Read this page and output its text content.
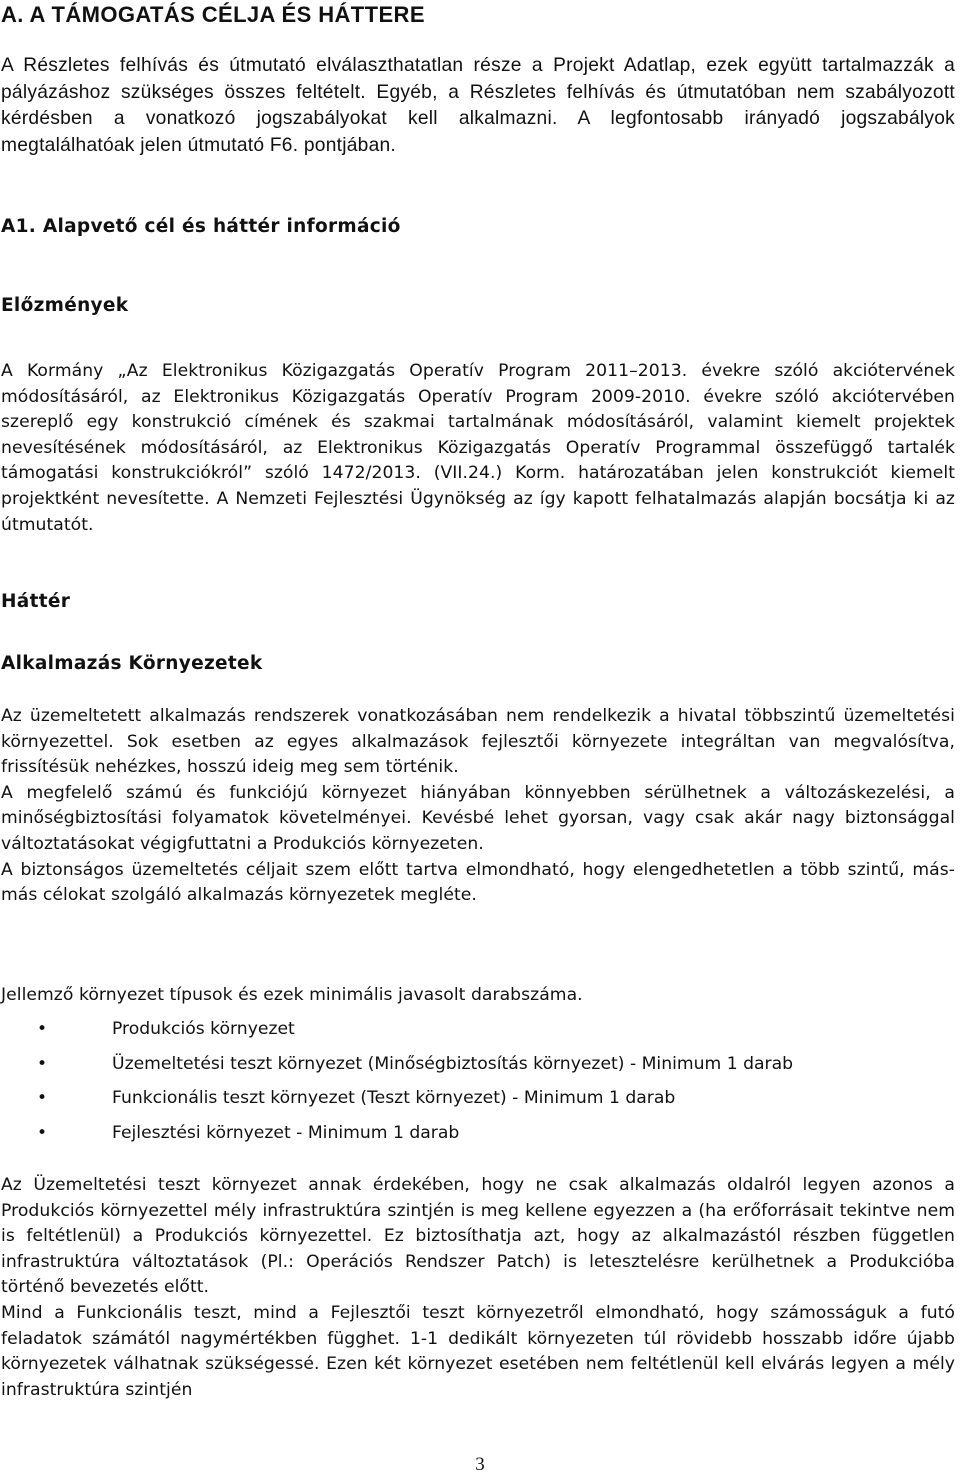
A. A TÁMOGATÁS CÉLJA ÉS HÁTTERE

A Részletes felhívás és útmutató elválaszthatatlan része a Projekt Adatlap, ezek együtt tartalmazzák a pályázáshoz szükséges összes feltételt. Egyéb, a Részletes felhívás és útmutatóban nem szabályozott kérdésben a vonatkozó jogszabályokat kell alkalmazni. A legfontosabb irányadó jogszabályok megtalálhatóak jelen útmutató F6. pontjában.

A1. Alapvető cél és háttér információ
Előzmények

A Kormány „Az Elektronikus Közigazgatás Operatív Program 2011–2013. évekre szóló akciótervének módosításáról, az Elektronikus Közigazgatás Operatív Program 2009-2010. évekre szóló akciótervében szereplő egy konstrukció címének és szakmai tartalmának módosításáról, valamint kiemelt projektek nevesítésének módosításáról, az Elektronikus Közigazgatás Operatív Programmal összefüggő tartalék támogatási konstrukciókról” szóló 1472/2013. (VII.24.) Korm. határozatában jelen konstrukciót kiemelt projektként nevesítette. A Nemzeti Fejlesztési Ügynökség az így kapott felhatalmazás alapján bocsátja ki az útmutatót.

Háttér
Alkalmazás Környezetek

Az üzemeltetett alkalmazás rendszerek vonatkozásában nem rendelkezik a hivatal többszintű üzemeltetési környezettel. Sok esetben az egyes alkalmazások fejlesztői környezete integráltan van megvalósítva, frissítésük nehézkes, hosszú ideig meg sem történik.

A megfelelő számú és funkciójú környezet hiányában könnyebben sérülhetnek a változáskezelési, a minőségbiztosítási folyamatok követelményei. Kevésbé lehet gyorsan, vagy csak akár nagy biztonsággal változtatásokat végigfuttatni a Produkciós környezeten.

A biztonságos üzemeltetés céljait szem előtt tartva elmondható, hogy elengedhetetlen a több szintű, más-más célokat szolgáló alkalmazás környezetek megléte.

Jellemző környezet típusok és ezek minimális javasolt darabszáma.
•	Produkciós környezet
•	Üzemeltetési teszt környezet (Minőségbiztosítás környezet) - Minimum 1 darab
•	Funkcionális teszt környezet (Teszt környezet) - Minimum 1 darab
•	Fejlesztési környezet - Minimum 1 darab

Az Üzemeltetési teszt környezet annak érdekében, hogy ne csak alkalmazás oldalról legyen azonos a Produkciós környezettel mély infrastruktúra szintjén is meg kellene egyezzen a (ha erőforrásait tekintve nem is feltétlenül) a Produkciós környezettel. Ez biztosíthatja azt, hogy az alkalmazástól részben független infrastruktúra változtatások (Pl.: Operációs Rendszer Patch) is letesztelésre kerülhetnek a Produkcióba történő bevezetés előtt.

Mind a Funkcionális teszt, mind a Fejlesztői teszt környezetről elmondható, hogy számosságuk a futó feladatok számától nagymértékben függhet. 1-1 dedikált környezeten túl rövidebb hosszabb időre újabb környezetek válhatnak szükségessé. Ezen két környezet esetében nem feltétlenül kell elvárás legyen a mély infrastruktúra szintjén

3
